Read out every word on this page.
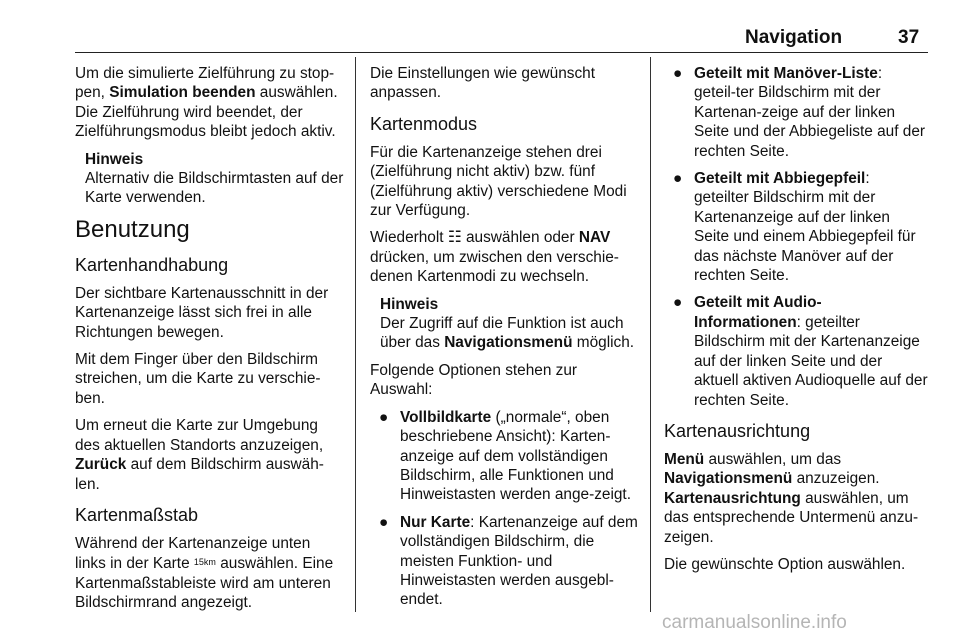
Navigation	37

Um die simulierte Zielführung zu stop-pen, Simulation beenden auswählen. Die Zielführung wird beendet, der Zielführungsmodus bleibt jedoch aktiv.

Hinweis
Alternativ die Bildschirmtasten auf der Karte verwenden.
Benutzung
Kartenhandhabung

Der sichtbare Kartenausschnitt in der Kartenanzeige lässt sich frei in alle Richtungen bewegen.

Mit dem Finger über den Bildschirm streichen, um die Karte zu verschie-ben.

Um erneut die Karte zur Umgebung des aktuellen Standorts anzuzeigen, Zurück auf dem Bildschirm auswäh-len.

Kartenmaßstab

Während der Kartenanzeige unten links in der Karte 15km auswählen. Eine Kartenmaßstableiste wird am unteren Bildschirmrand angezeigt.

Die Einstellungen wie gewünscht anpassen.

Kartenmodus

Für die Kartenanzeige stehen drei (Zielführung nicht aktiv) bzw. fünf (Zielführung aktiv) verschiedene Modi zur Verfügung.

Wiederholt ☷ auswählen oder NAV drücken, um zwischen den verschie-denen Kartenmodi zu wechseln.

Hinweis
Der Zugriff auf die Funktion ist auch über das Navigationsmenü möglich.

Folgende Optionen stehen zur Auswahl:

● Vollbildkarte („normale“, oben beschriebene Ansicht): Karten-anzeige auf dem vollständigen Bildschirm, alle Funktionen und Hinweistasten werden ange-zeigt.
● Nur Karte: Kartenanzeige auf dem vollständigen Bildschirm, die meisten Funktion- und Hinweistasten werden ausgebl-endet.
● Geteilt mit Manöver-Liste: geteil-ter Bildschirm mit der Kartenan-zeige auf der linken Seite und der Abbiegeliste auf der rechten Seite.
● Geteilt mit Abbiegepfeil: geteilter Bildschirm mit der Kartenanzeige auf der linken Seite und einem Abbiegepfeil für das nächste Manöver auf der rechten Seite.
● Geteilt mit Audio-Informationen: geteilter Bildschirm mit der Kartenanzeige auf der linken Seite und der aktuell aktiven Audioquelle auf der rechten Seite.
Kartenausrichtung

Menü auswählen, um das Navigationsmenü anzuzeigen. Kartenausrichtung auswählen, um das entsprechende Untermenü anzu-zeigen.

Die gewünschte Option auswählen.

carmanualsonline.info
